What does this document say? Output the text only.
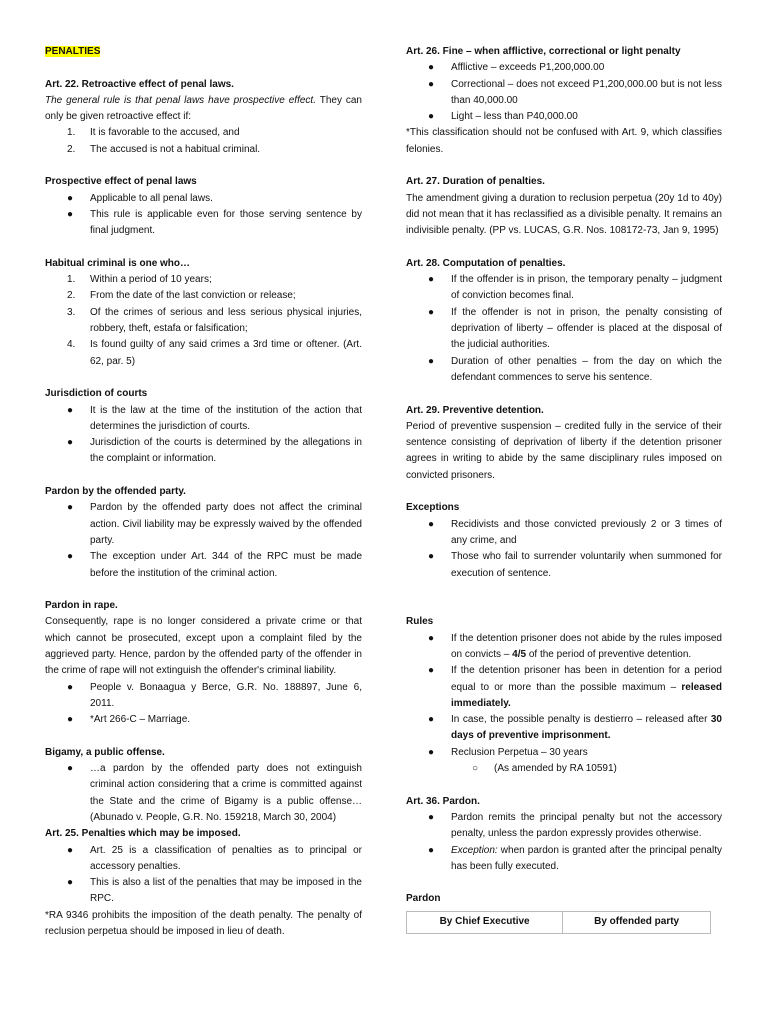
PENALTIES
Art. 22. Retroactive effect of penal laws.
The general rule is that penal laws have prospective effect. They can only be given retroactive effect if:
1. It is favorable to the accused, and
2. The accused is not a habitual criminal.
Prospective effect of penal laws
● Applicable to all penal laws.
● This rule is applicable even for those serving sentence by final judgment.
Habitual criminal is one who…
1. Within a period of 10 years;
2. From the date of the last conviction or release;
3. Of the crimes of serious and less serious physical injuries, robbery, theft, estafa or falsification;
4. Is found guilty of any said crimes a 3rd time or oftener. (Art. 62, par. 5)
Jurisdiction of courts
● It is the law at the time of the institution of the action that determines the jurisdiction of courts.
● Jurisdiction of the courts is determined by the allegations in the complaint or information.
Pardon by the offended party.
● Pardon by the offended party does not affect the criminal action. Civil liability may be expressly waived by the offended party.
● The exception under Art. 344 of the RPC must be made before the institution of the criminal action.
Pardon in rape.
Consequently, rape is no longer considered a private crime or that which cannot be prosecuted, except upon a complaint filed by the aggrieved party. Hence, pardon by the offended party of the offender in the crime of rape will not extinguish the offender's criminal liability.
● People v. Bonaagua y Berce, G.R. No. 188897, June 6, 2011.
● *Art 266-C – Marriage.
Bigamy, a public offense.
● …a pardon by the offended party does not extinguish criminal action considering that a crime is committed against the State and the crime of Bigamy is a public offense… (Abunado v. People, G.R. No. 159218, March 30, 2004)
Art. 25. Penalties which may be imposed.
● Art. 25 is a classification of penalties as to principal or accessory penalties.
● This is also a list of the penalties that may be imposed in the RPC.
*RA 9346 prohibits the imposition of the death penalty. The penalty of reclusion perpetua should be imposed in lieu of death.
Art. 26. Fine – when afflictive, correctional or light penalty
● Afflictive – exceeds P1,200,000.00
● Correctional – does not exceed P1,200,000.00 but is not less than 40,000.00
● Light – less than P40,000.00
*This classification should not be confused with Art. 9, which classifies felonies.
Art. 27. Duration of penalties.
The amendment giving a duration to reclusion perpetua (20y 1d to 40y) did not mean that it has reclassified as a divisible penalty. It remains an indivisible penalty. (PP vs. LUCAS, G.R. Nos. 108172-73, Jan 9, 1995)
Art. 28. Computation of penalties.
● If the offender is in prison, the temporary penalty – judgment of conviction becomes final.
● If the offender is not in prison, the penalty consisting of deprivation of liberty – offender is placed at the disposal of the judicial authorities.
● Duration of other penalties – from the day on which the defendant commences to serve his sentence.
Art. 29. Preventive detention.
Period of preventive suspension – credited fully in the service of their sentence consisting of deprivation of liberty if the detention prisoner agrees in writing to abide by the same disciplinary rules imposed on convicted prisoners.
Exceptions
● Recidivists and those convicted previously 2 or 3 times of any crime, and
● Those who fail to surrender voluntarily when summoned for execution of sentence.
Rules
● If the detention prisoner does not abide by the rules imposed on convicts – 4/5 of the period of preventive detention.
● If the detention prisoner has been in detention for a period equal to or more than the possible maximum – released immediately.
● In case, the possible penalty is destierro – released after 30 days of preventive imprisonment.
● Reclusion Perpetua – 30 years
○ (As amended by RA 10591)
Art. 36. Pardon.
● Pardon remits the principal penalty but not the accessory penalty, unless the pardon expressly provides otherwise.
● Exception: when pardon is granted after the principal penalty has been fully executed.
Pardon
By Chief Executive	By offended party
